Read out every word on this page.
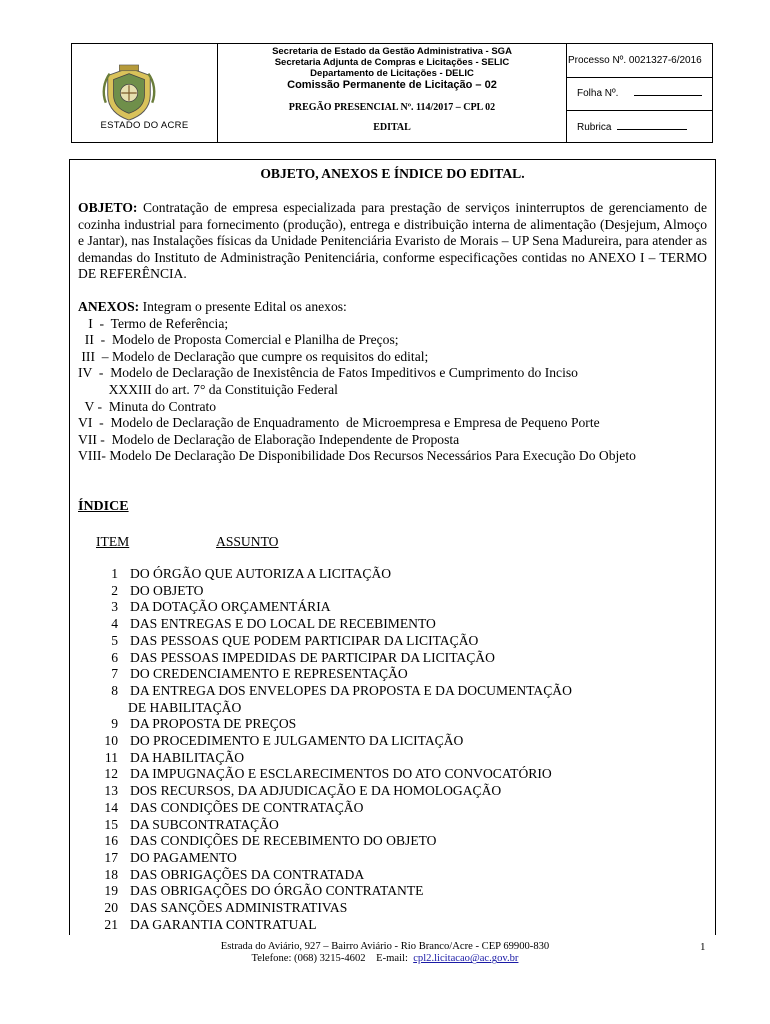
ESTADO DO ACRE
Secretaria de Estado da Gestão Administrativa - SGA
Secretaria Adjunta de Compras e Licitações - SELIC
Departamento de Licitações - DELIC
Comissão Permanente de Licitação – 02
PREGÃO PRESENCIAL Nº. 114/2017 – CPL 02
EDITAL
Processo Nº. 0021327-6/2016
Folha Nº.
Rubrica
OBJETO, ANEXOS E ÍNDICE DO EDITAL.
OBJETO: Contratação de empresa especializada para prestação de serviços ininterruptos de gerenciamento de cozinha industrial para fornecimento (produção), entrega e distribuição interna de alimentação (Desjejum, Almoço e Jantar), nas Instalações físicas da Unidade Penitenciária Evaristo de Morais – UP Sena Madureira, para atender as demandas do Instituto de Administração Penitenciária, conforme especificações contidas no ANEXO I – TERMO DE REFERÊNCIA.
ANEXOS: Integram o presente Edital os anexos:
I  -  Termo de Referência;
II  -  Modelo de Proposta Comercial e Planilha de Preços;
III  – Modelo de Declaração que cumpre os requisitos do edital;
IV  -  Modelo de Declaração de Inexistência de Fatos Impeditivos e Cumprimento do Inciso
XXXIII do art. 7° da Constituição Federal
V -  Minuta do Contrato
VI  -  Modelo de Declaração de Enquadramento  de Microempresa e Empresa de Pequeno Porte
VII -  Modelo de Declaração de Elaboração Independente de Proposta
VIII- Modelo De Declaração De Disponibilidade Dos Recursos Necessários Para Execução Do Objeto
ÍNDICE
ITEM	ASSUNTO
1 DO ÓRGÃO QUE AUTORIZA A LICITAÇÃO
2 DO OBJETO
3 DA DOTAÇÃO ORÇAMENTÁRIA
4 DAS ENTREGAS E DO LOCAL DE RECEBIMENTO
5 DAS PESSOAS QUE PODEM PARTICIPAR DA LICITAÇÃO
6 DAS PESSOAS IMPEDIDAS DE PARTICIPAR DA LICITAÇÃO
7 DO CREDENCIAMENTO E REPRESENTAÇÃO
8 DA ENTREGA DOS ENVELOPES DA PROPOSTA E DA DOCUMENTAÇÃO
DE HABILITAÇÃO
9 DA PROPOSTA DE PREÇOS
10 DO PROCEDIMENTO E JULGAMENTO DA LICITAÇÃO
11 DA HABILITAÇÃO
12 DA IMPUGNAÇÃO E ESCLARECIMENTOS DO ATO CONVOCATÓRIO
13 DOS RECURSOS, DA ADJUDICAÇÃO E DA HOMOLOGAÇÃO
14 DAS CONDIÇÕES DE CONTRATAÇÃO
15 DA SUBCONTRATAÇÃO
16 DAS CONDIÇÕES DE RECEBIMENTO DO OBJETO
17 DO PAGAMENTO
18 DAS OBRIGAÇÕES DA CONTRATADA
19 DAS OBRIGAÇÕES DO ÓRGÃO CONTRATANTE
20 DAS SANÇÕES ADMINISTRATIVAS
21 DA GARANTIA CONTRATUAL
Estrada do Aviário, 927 – Bairro Aviário - Rio Branco/Acre - CEP 69900-830
Telefone: (068) 3215-4602    E-mail:  cpl2.licitacao@ac.gov.br
1
